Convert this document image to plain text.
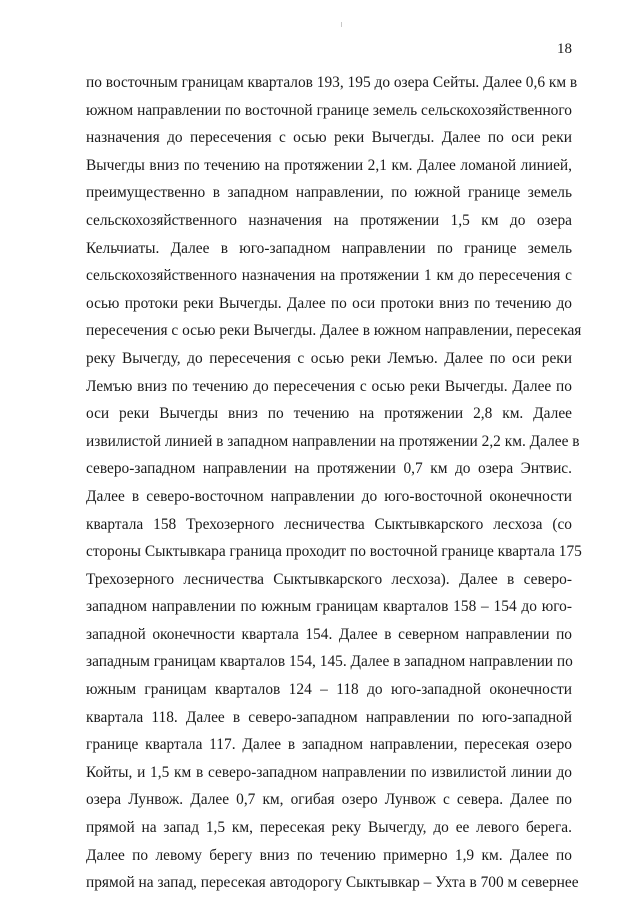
18
по восточным границам кварталов 193, 195 до озера Сейты. Далее 0,6 км в
южном направлении по восточной границе земель сельскохозяйственного
назначения до пересечения с осью реки Вычегды. Далее по оси реки
Вычегды вниз по течению на протяжении 2,1 км. Далее ломаной линией,
преимущественно в западном направлении, по южной границе земель
сельскохозяйственного назначения на протяжении 1,5 км до озера
Кельчиаты. Далее в юго-западном направлении по границе земель
сельскохозяйственного назначения на протяжении 1 км до пересечения с
осью протоки реки Вычегды. Далее по оси протоки вниз по течению до
пересечения с осью реки Вычегды. Далее в южном направлении, пересекая
реку Вычегду, до пересечения с осью реки Лемъю. Далее по оси реки
Лемъю вниз по течению до пересечения с осью реки Вычегды. Далее по
оси реки Вычегды вниз по течению на протяжении 2,8 км. Далее
извилистой линией в западном направлении на протяжении 2,2 км. Далее в
северо-западном направлении на протяжении 0,7 км до озера Энтвис.
Далее в северо-восточном направлении до юго-восточной оконечности
квартала 158 Трехозерного лесничества Сыктывкарского лесхоза (со
стороны Сыктывкара граница проходит по восточной границе квартала 175
Трехозерного лесничества Сыктывкарского лесхоза). Далее в северо-
западном направлении по южным границам кварталов 158 – 154 до юго-
западной оконечности квартала 154. Далее в северном направлении по
западным границам кварталов 154, 145. Далее в западном направлении по
южным границам кварталов 124 – 118 до юго-западной оконечности
квартала 118. Далее в северо-западном направлении по юго-западной
границе квартала 117. Далее в западном направлении, пересекая озеро
Койты, и 1,5 км в северо-западном направлении по извилистой линии до
озера Лунвож. Далее 0,7 км, огибая озеро Лунвож с севера. Далее по
прямой на запад 1,5 км, пересекая реку Вычегду, до ее левого берега.
Далее по левому берегу вниз по течению примерно 1,9 км. Далее по
прямой на запад, пересекая автодорогу Сыктывкар – Ухта в 700 м севернее
